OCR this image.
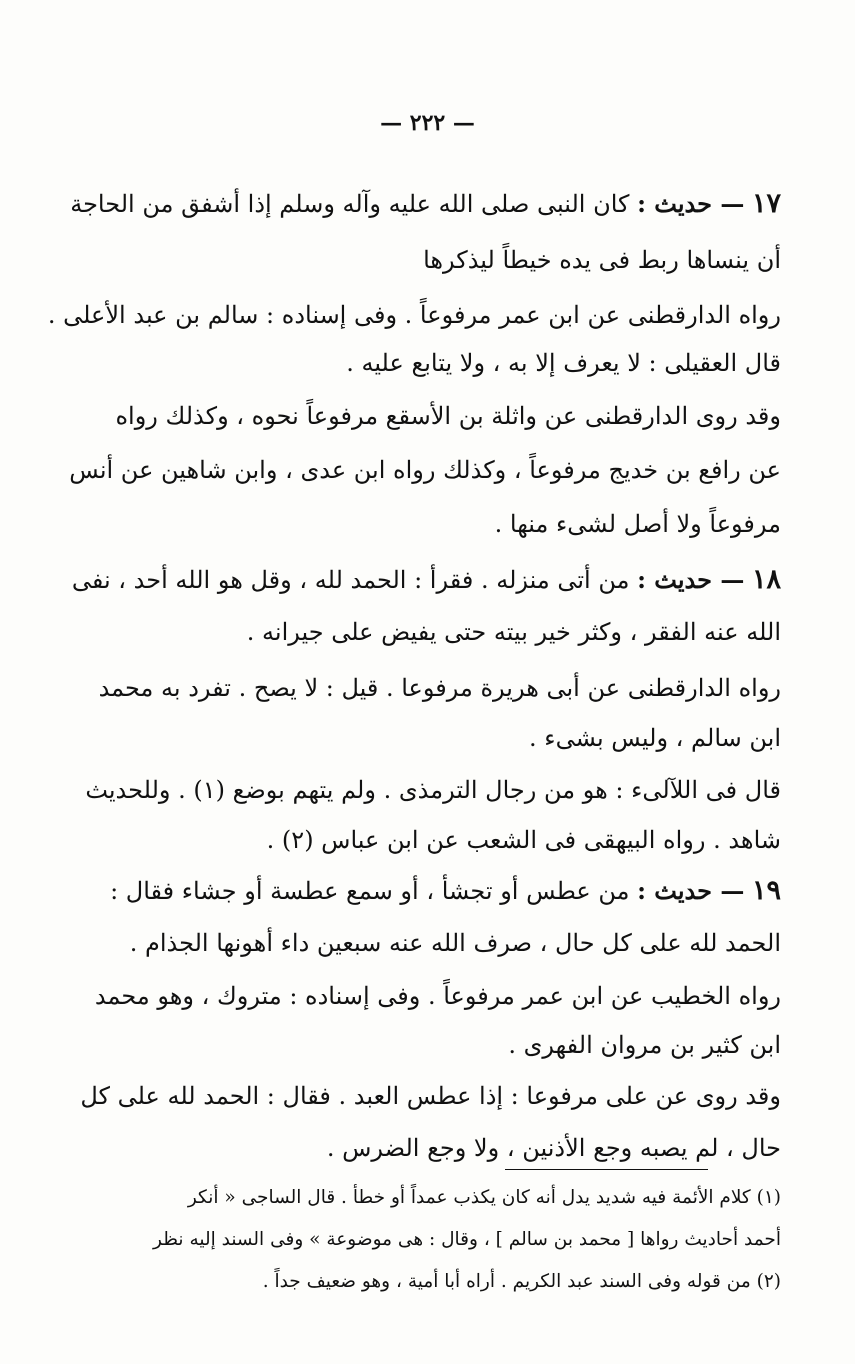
— ٢٢٢ —
١٧ — حديث : كان النبى صلى الله عليه وآله وسلم إذا أشفق من الحاجة
أن ينساها ربط فى يده خيطاً ليذكرها
رواه الدارقطنى عن ابن عمر مرفوعاً . وفى إسناده : سالم بن عبد الأعلى .
قال العقيلى : لا يعرف إلا به ، ولا يتابع عليه .
وقد روى الدارقطنى عن واثلة بن الأسقع مرفوعاً نحوه ، وكذلك رواه
عن رافع بن خديج مرفوعاً ، وكذلك رواه ابن عدى ، وابن شاهين عن أنس
مرفوعاً ولا أصل لشىء منها .
١٨ — حديث : من أتى منزله . فقرأ : الحمد لله ، وقل هو الله أحد ، نفى
الله عنه الفقر ، وكثر خير بيته حتى يفيض على جيرانه .
رواه الدارقطنى عن أبى هريرة مرفوعا . قيل : لا يصح . تفرد به محمد
ابن سالم ، وليس بشىء .
قال فى اللآلىء : هو من رجال الترمذى . ولم يتهم بوضع (١) . وللحديث
شاهد . رواه البيهقى فى الشعب عن ابن عباس (٢) .
١٩ — حديث : من عطس أو تجشأ ، أو سمع عطسة أو جشاء فقال :
الحمد لله على كل حال ، صرف الله عنه سبعين داء أهونها الجذام .
رواه الخطيب عن ابن عمر مرفوعاً . وفى إسناده : متروك ، وهو محمد
ابن كثير بن مروان الفهرى .
وقد روى عن على مرفوعا : إذا عطس العبد . فقال : الحمد لله على كل
حال ، لم يصبه وجع الأذنين ، ولا وجع الضرس .
(١) كلام الأئمة فيه شديد يدل أنه كان يكذب عمداً أو خطأ . قال الساجى « أنكر
أحمد أحاديث رواها [ محمد بن سالم ] ، وقال : هى موضوعة » وفى السند إليه نظر
(٢) من قوله وفى السند عبد الكريم . أراه أبا أمية ، وهو ضعيف جداً .
